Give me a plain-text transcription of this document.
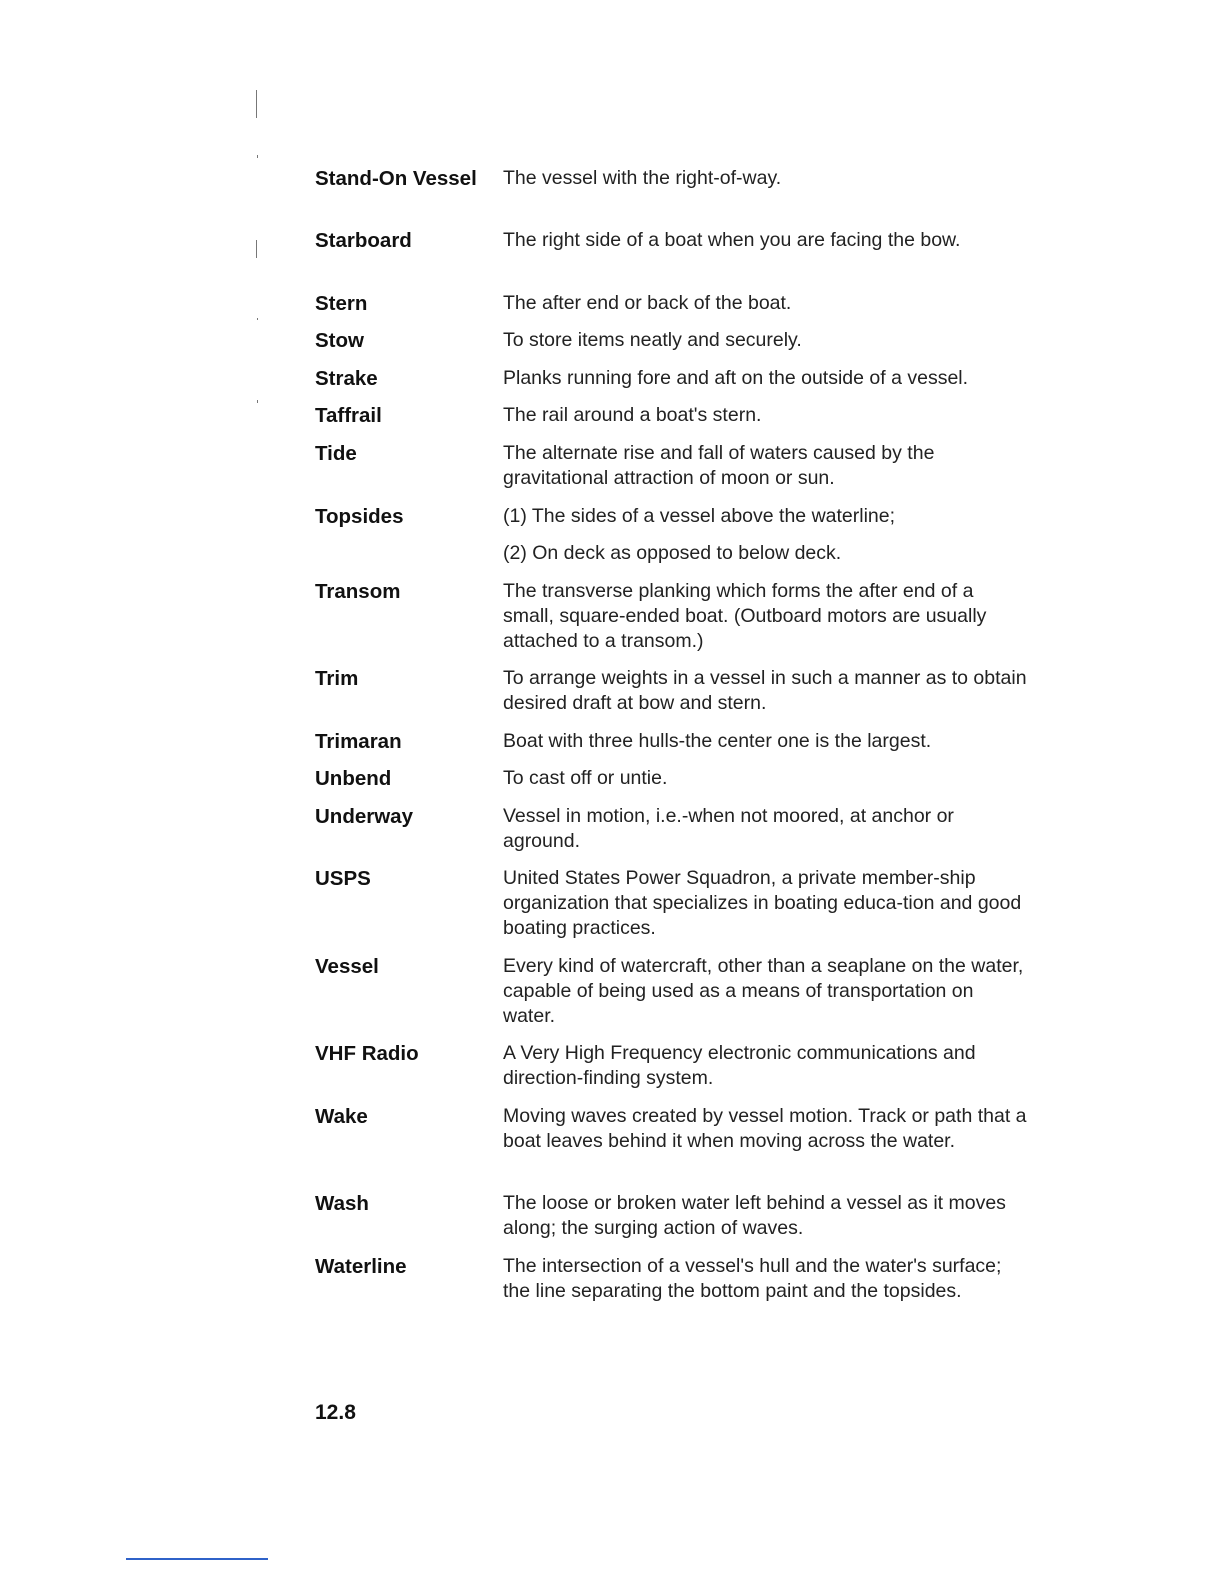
Stand-On Vessel	The vessel with the right-of-way.

Starboard	The right side of a boat when you are facing the bow.

Stern	The after end or back of the boat.

Stow	To store items neatly and securely.

Strake	Planks running fore and aft on the outside of a vessel.

Taffrail	The rail around a boat's stern.

Tide	The alternate rise and fall of waters caused by the gravitational attraction of moon or sun.

Topsides	(1) The sides of a vessel above the waterline;

(2) On deck as opposed to below deck.

Transom	The transverse planking which forms the after end of a small, square-ended boat. (Outboard motors are usually attached to a transom.)

Trim	To arrange weights in a vessel in such a manner as to obtain desired draft at bow and stern.

Trimaran	Boat with three hulls-the center one is the largest.

Unbend	To cast off or untie.

Underway	Vessel in motion, i.e.-when not moored, at anchor or aground.

USPS	United States Power Squadron, a private member-ship organization that specializes in boating educa-tion and good boating practices.

Vessel	Every kind of watercraft, other than a seaplane on the water, capable of being used as a means of transportation on water.

VHF Radio	A Very High Frequency electronic communications and direction-finding system.

Wake	Moving waves created by vessel motion. Track or path that a boat leaves behind it when moving across the water.

Wash	The loose or broken water left behind a vessel as it moves along; the surging action of waves.

Waterline	The intersection of a vessel's hull and the water's surface; the line separating the bottom paint and the topsides.

12.8
